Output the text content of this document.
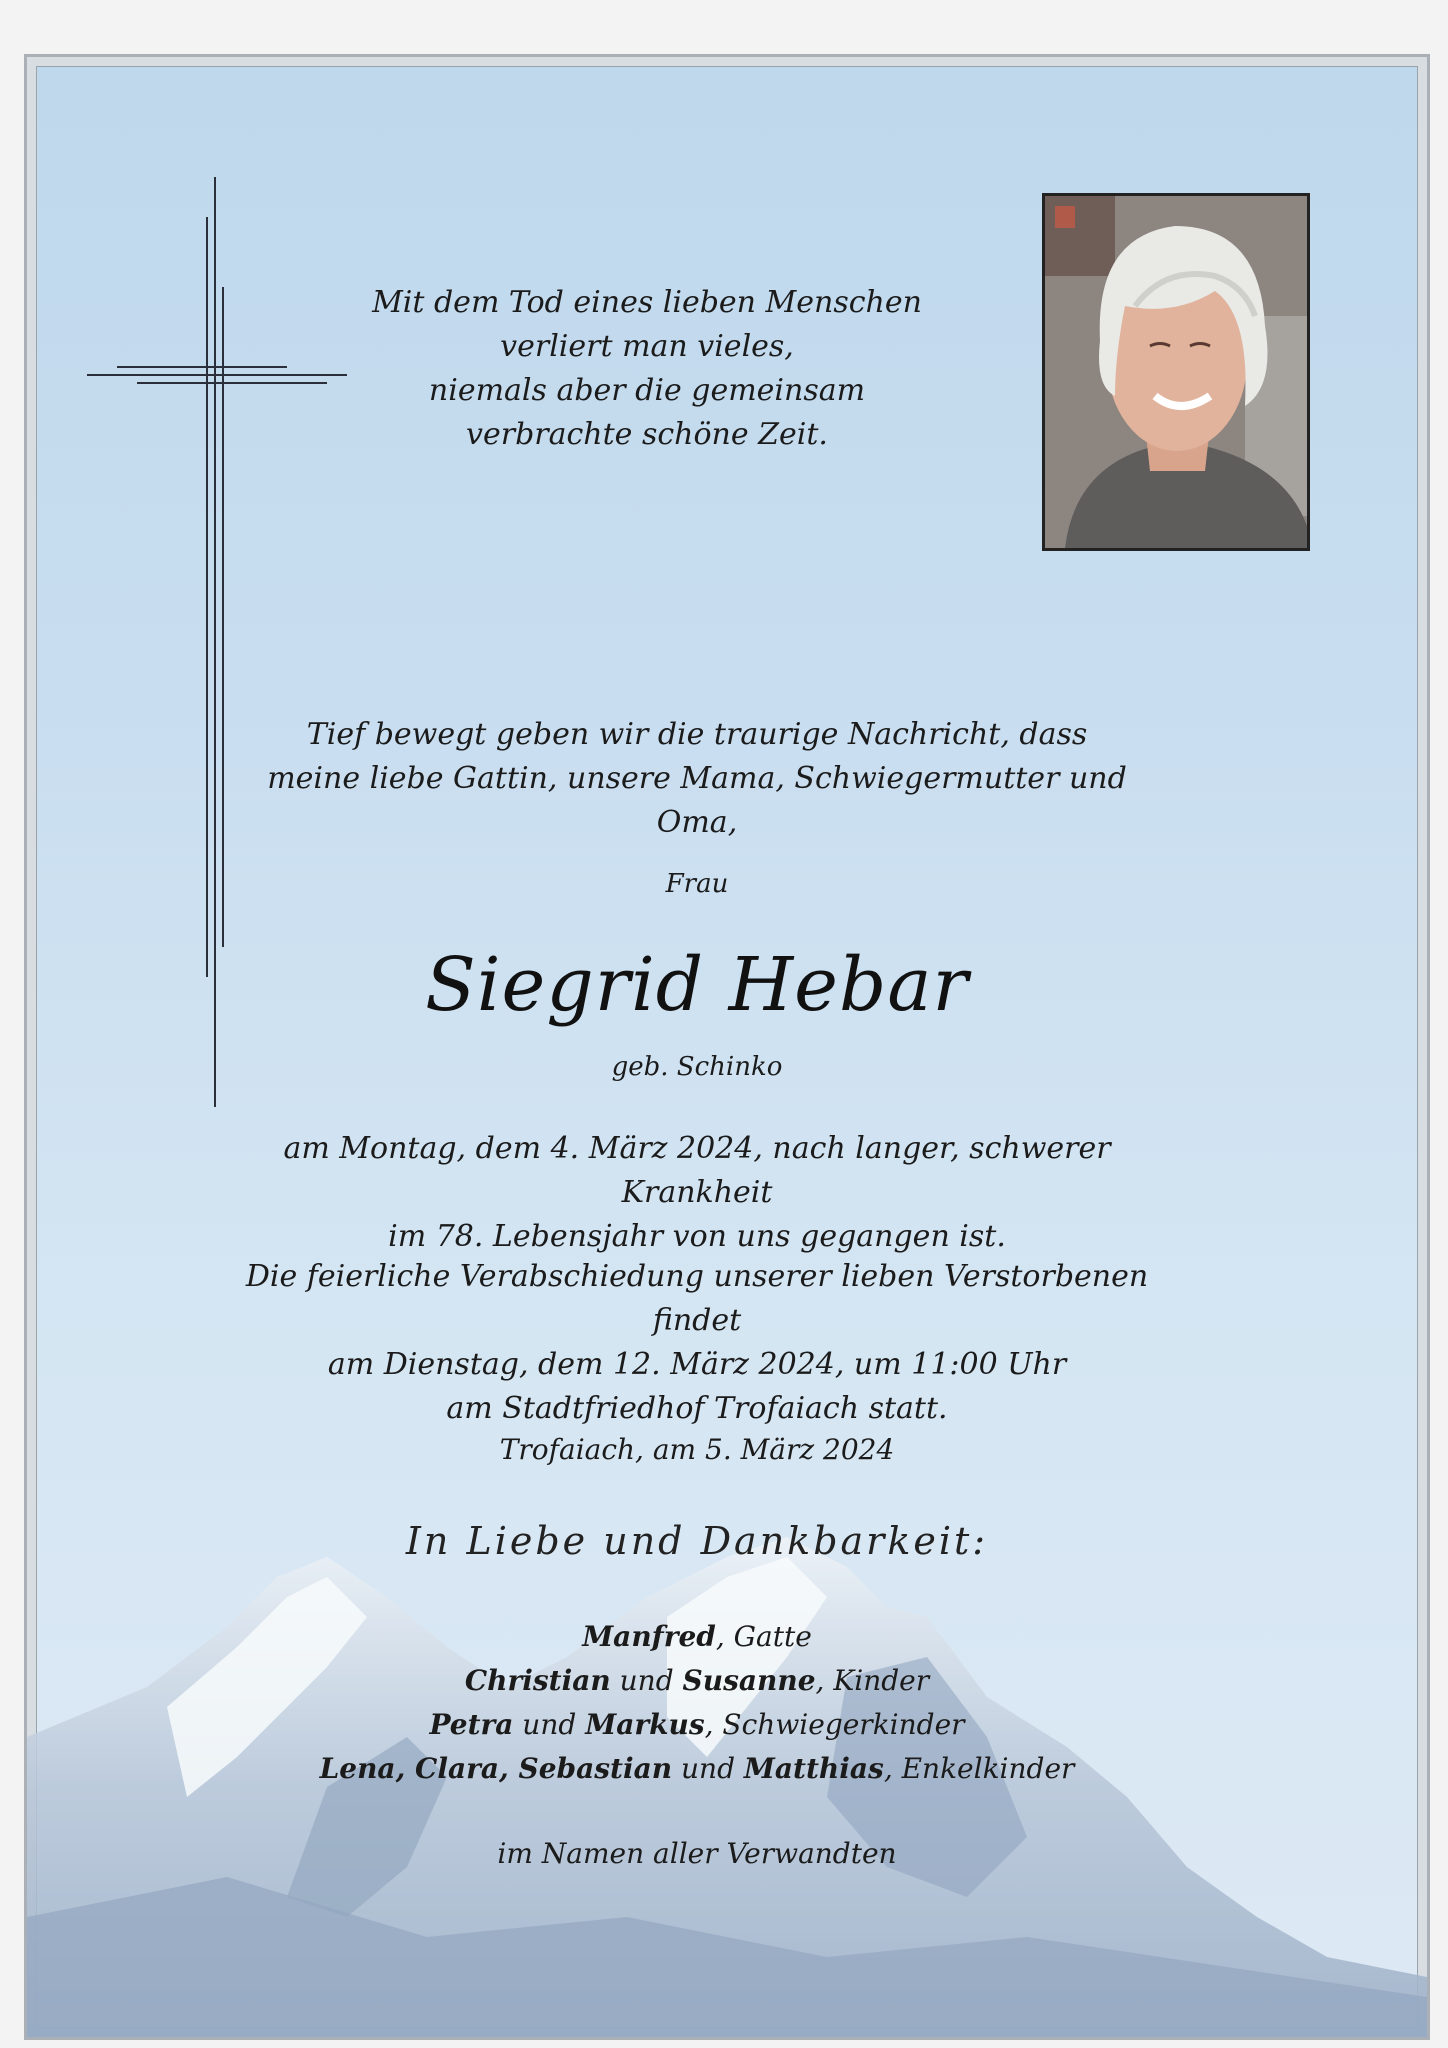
Mit dem Tod eines lieben Menschen
verliert man vieles,
niemals aber die gemeinsam
verbrachte schöne Zeit.
Tief bewegt geben wir die traurige Nachricht, dass
meine liebe Gattin, unsere Mama, Schwiegermutter und Oma,
Frau
Siegrid Hebar
geb. Schinko
am Montag, dem 4. März 2024, nach langer, schwerer Krankheit
im 78. Lebensjahr von uns gegangen ist.
Die feierliche Verabschiedung unserer lieben Verstorbenen findet
am Dienstag, dem 12. März 2024, um 11:00 Uhr
am Stadtfriedhof Trofaiach statt.
Trofaiach, am 5. März 2024
In Liebe und Dankbarkeit:
Manfred, Gatte
Christian und Susanne, Kinder
Petra und Markus, Schwiegerkinder
Lena, Clara, Sebastian und Matthias, Enkelkinder
im Namen aller Verwandten
